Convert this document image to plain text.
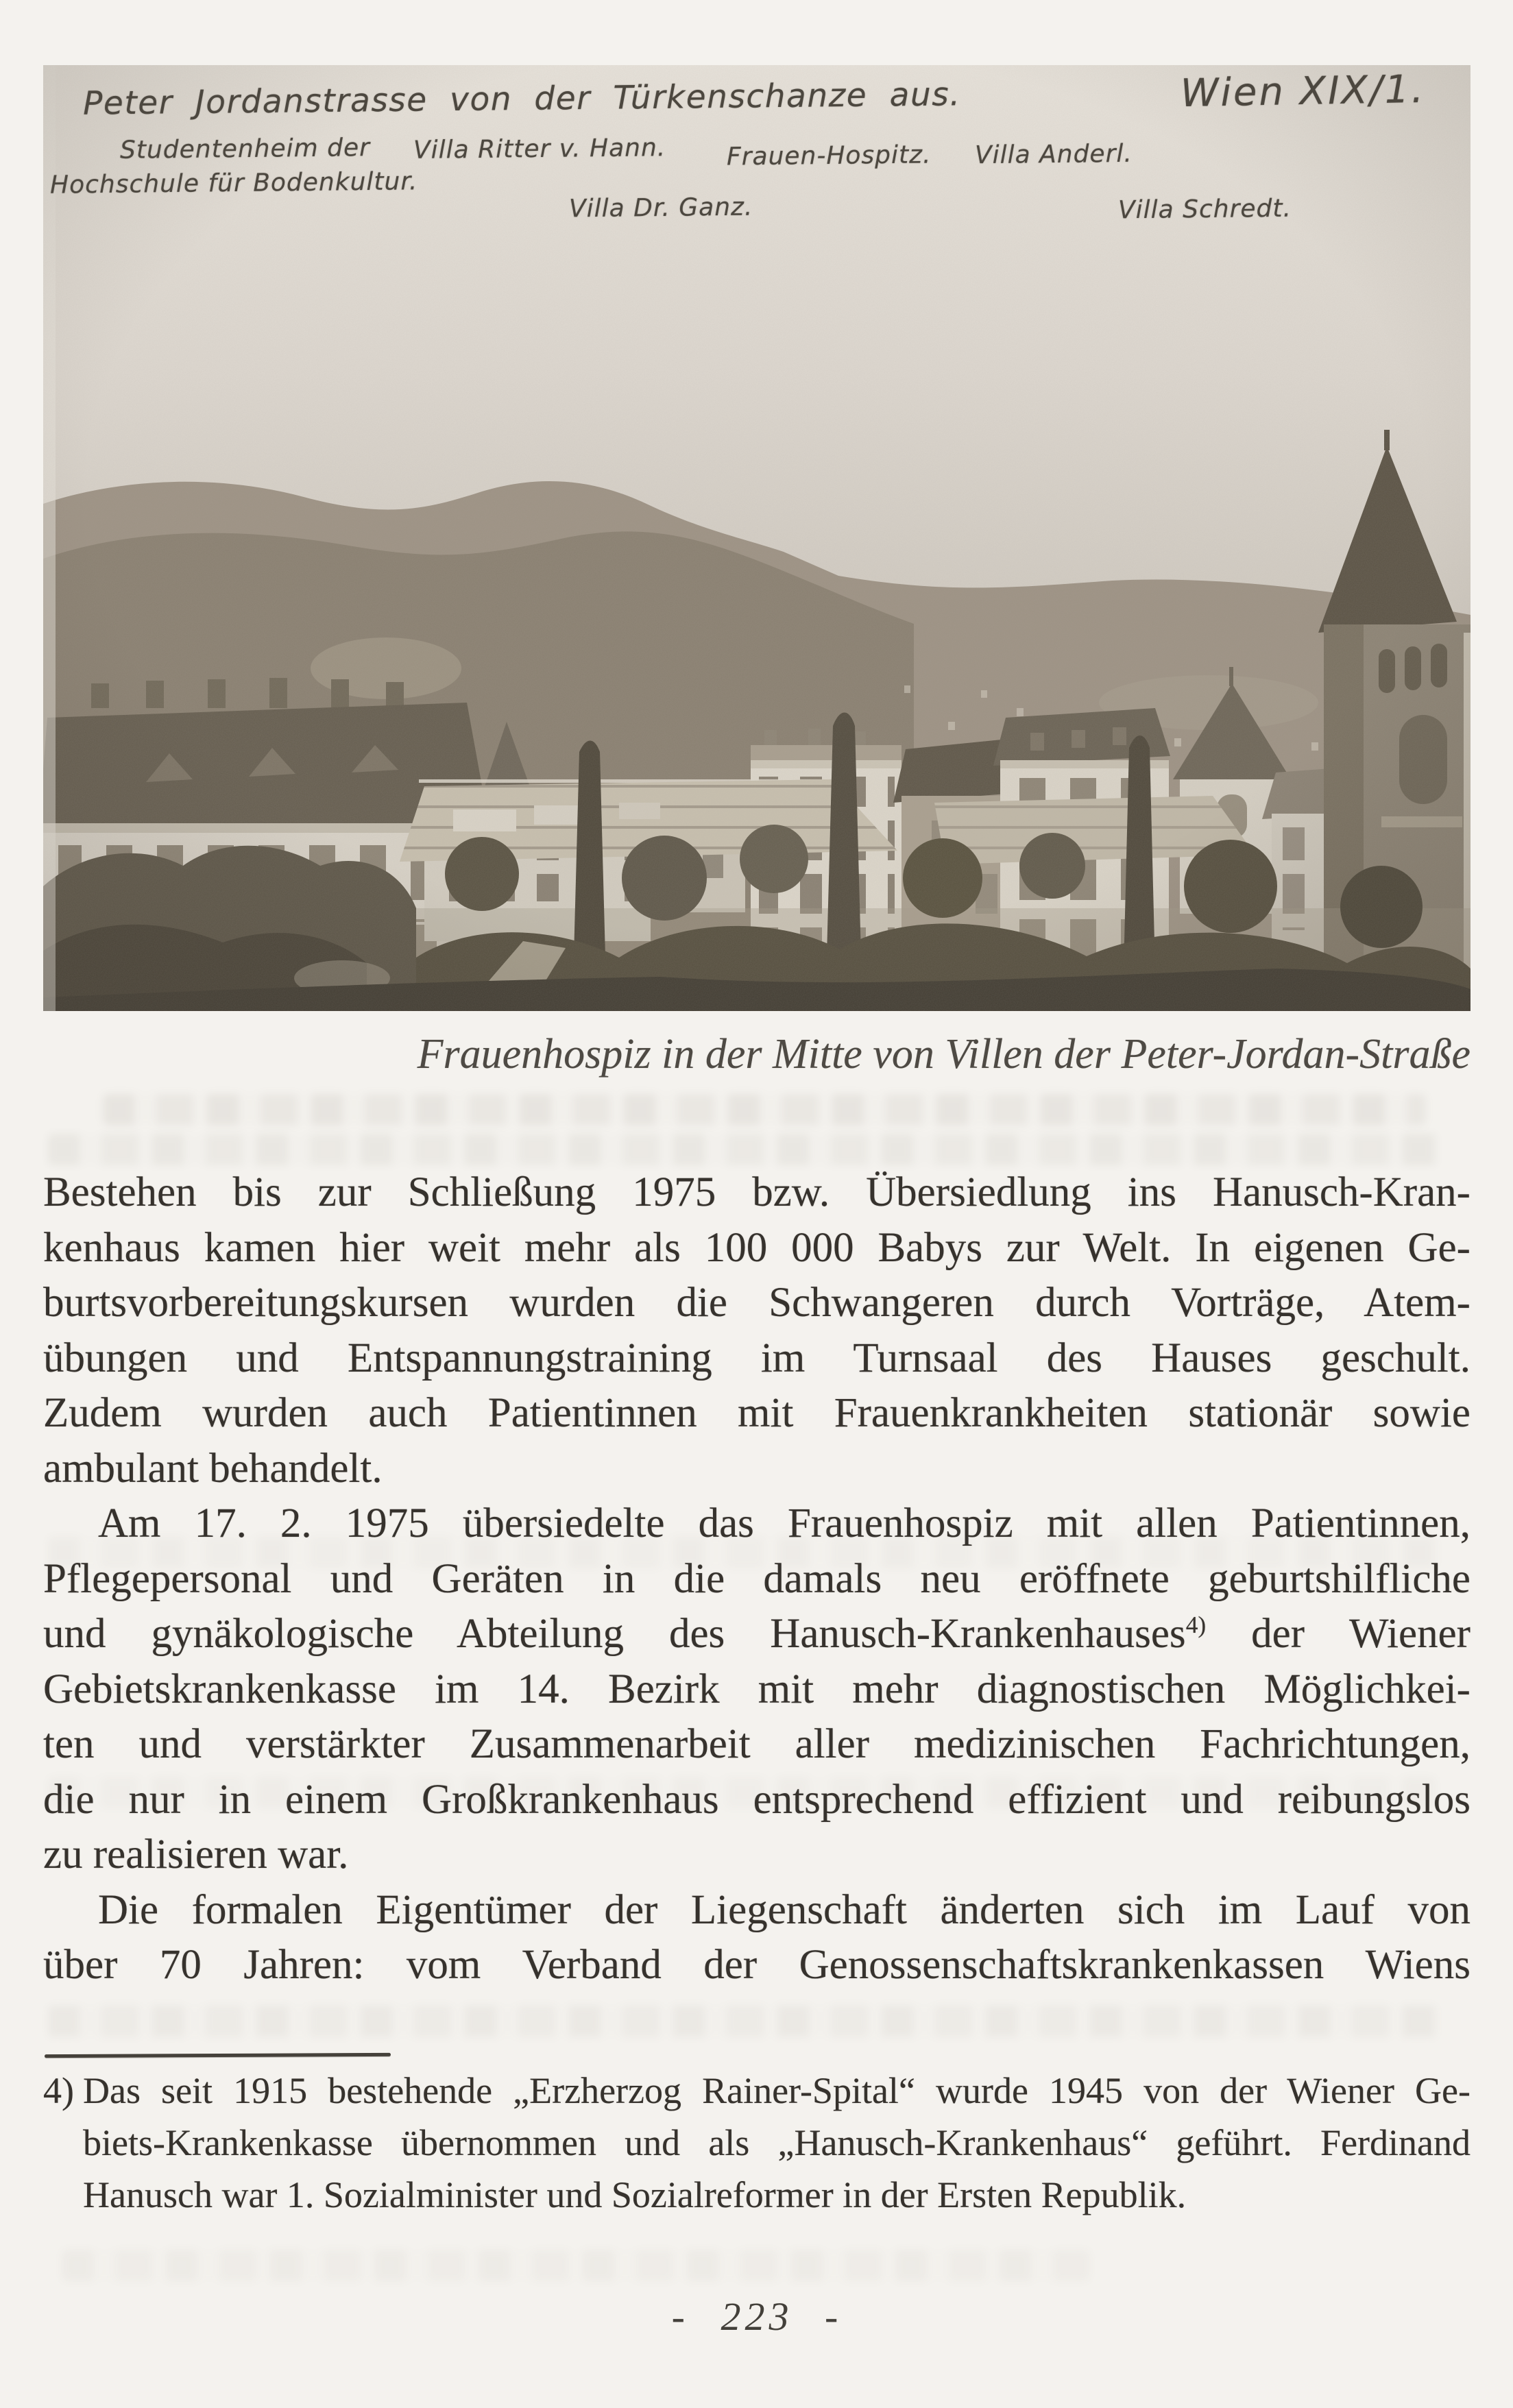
Peter Jordanstrasse von der Türkenschanze aus.	Wien XIX/1.
Studentenheim der
Hochschule für Bodenkultur.
Villa Ritter v. Hann. Frauen-Hospitz. Villa Anderl.
Villa Dr. Ganz.	Villa Schredt.
Frauenhospiz in der Mitte von Villen der Peter-Jordan-Straße
Bestehen bis zur Schließung 1975 bzw. Übersiedlung ins Hanusch-Kran-
kenhaus kamen hier weit mehr als 100 000 Babys zur Welt. In eigenen Ge-
burtsvorbereitungskursen wurden die Schwangeren durch Vorträge, Atem-
übungen und Entspannungstraining im Turnsaal des Hauses geschult.
Zudem wurden auch Patientinnen mit Frauenkrankheiten stationär sowie
ambulant behandelt.
Am 17. 2. 1975 übersiedelte das Frauenhospiz mit allen Patientinnen,
Pflegepersonal und Geräten in die damals neu eröffnete geburtshilfliche
und gynäkologische Abteilung des Hanusch-Krankenhauses$^{4)}$ der Wiener
Gebietskrankenkasse im 14. Bezirk mit mehr diagnostischen Möglichkei-
ten und verstärkter Zusammenarbeit aller medizinischen Fachrichtungen,
die nur in einem Großkrankenhaus entsprechend effizient und reibungslos
zu realisieren war.
Die formalen Eigentümer der Liegenschaft änderten sich im Lauf von
über 70 Jahren: vom Verband der Genossenschaftskrankenkassen Wiens
4) Das seit 1915 bestehende „Erzherzog Rainer-Spital“ wurde 1945 von der Wiener Ge-
biets-Krankenkasse übernommen und als „Hanusch-Krankenhaus“ geführt. Ferdinand
Hanusch war 1. Sozialminister und Sozialreformer in der Ersten Republik.
- 223 -
